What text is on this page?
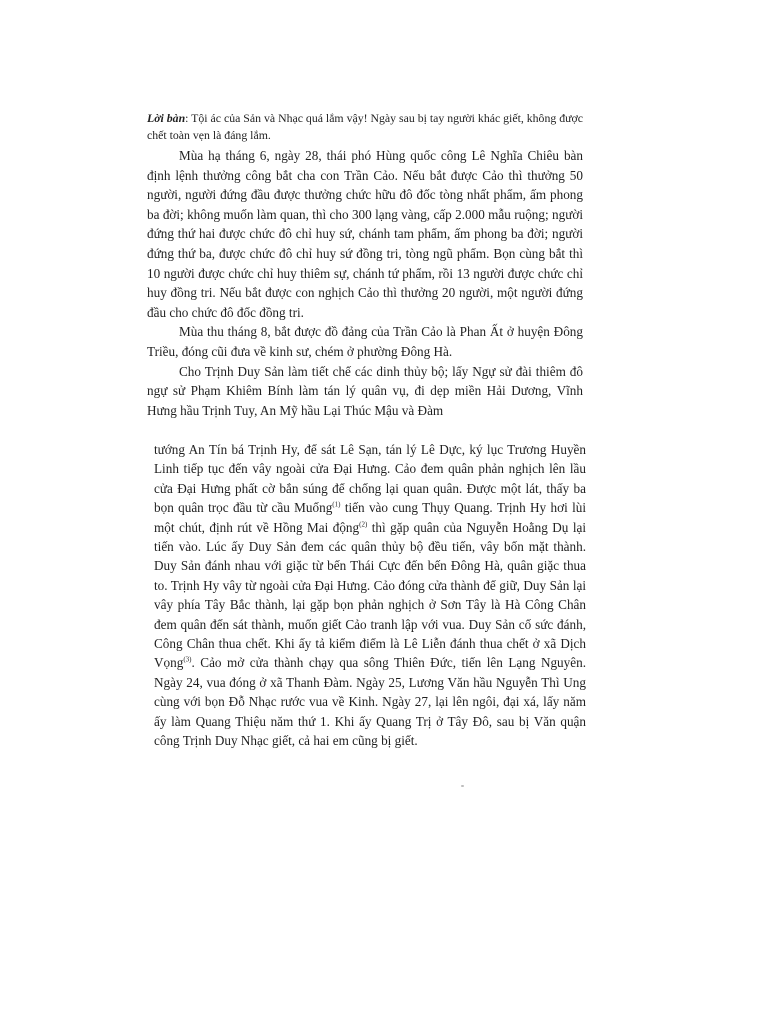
Lời bàn: Tội ác của Sản và Nhạc quá lắm vậy! Ngày sau bị tay người khác giết, không được chết toàn vẹn là đáng lắm.

Mùa hạ tháng 6, ngày 28, thái phó Hùng quốc công Lê Nghĩa Chiêu bàn định lệnh thưởng công bắt cha con Trần Cảo. Nếu bắt được Cảo thì thưởng 50 người, người đứng đầu được thưởng chức hữu đô đốc tòng nhất phẩm, ấm phong ba đời; không muốn làm quan, thì cho 300 lạng vàng, cấp 2.000 mẫu ruộng; người đứng thứ hai được chức đô chỉ huy sứ, chánh tam phẩm, ấm phong ba đời; người đứng thứ ba, được chức đô chỉ huy sứ đồng tri, tòng ngũ phẩm. Bọn cùng bắt thì 10 người được chức chỉ huy thiêm sự, chánh tứ phẩm, rồi 13 người được chức chỉ huy đồng tri. Nếu bắt được con nghịch Cảo thì thưởng 20 người, một người đứng đầu cho chức đô đốc đồng tri.

Mùa thu tháng 8, bắt được đồ đảng của Trần Cảo là Phan Ất ở huyện Đông Triều, đóng cũi đưa về kinh sư, chém ở phường Đông Hà.

Cho Trịnh Duy Sản làm tiết chế các dinh thủy bộ; lấy Ngự sử đài thiêm đô ngự sử Phạm Khiêm Bính làm tán lý quân vụ, đi dẹp miền Hải Dương, Vĩnh Hưng hầu Trịnh Tuy, An Mỹ hầu Lại Thúc Mậu và Đàm

tướng An Tín bá Trịnh Hy, để sát Lê Sạn, tán lý Lê Dực, ký lục Trương Huyền Linh tiếp tục đến vây ngoài cửa Đại Hưng. Cảo đem quân phản nghịch lên lầu cửa Đại Hưng phất cờ bắn súng để chống lại quan quân. Được một lát, thấy ba bọn quân trọc đầu từ cầu Muống$^{(1)}$ tiến vào cung Thụy Quang. Trịnh Hy hơi lùi một chút, định rút về Hồng Mai động$^{(2)}$ thì gặp quân của Nguyễn Hoằng Dụ lại tiến vào. Lúc ấy Duy Sản đem các quân thủy bộ đều tiến, vây bốn mặt thành. Duy Sản đánh nhau với giặc từ bến Thái Cực đến bến Đông Hà, quân giặc thua to. Trịnh Hy vây từ ngoài cửa Đại Hưng. Cảo đóng cửa thành để giữ, Duy Sản lại vây phía Tây Bắc thành, lại gặp bọn phản nghịch ở Sơn Tây là Hà Công Chân đem quân đến sát thành, muốn giết Cảo tranh lập với vua. Duy Sản cố sức đánh, Công Chân thua chết. Khi ấy tả kiểm điểm là Lê Liễn đánh thua chết ở xã Dịch Vọng$^{(3)}$. Cảo mở cửa thành chạy qua sông Thiên Đức, tiến lên Lạng Nguyên. Ngày 24, vua đóng ở xã Thanh Đàm. Ngày 25, Lương Văn hầu Nguyễn Thì Ung cùng với bọn Đỗ Nhạc rước vua về Kinh. Ngày 27, lại lên ngôi, đại xá, lấy năm ấy làm Quang Thiệu năm thứ 1. Khi ấy Quang Trị ở Tây Đô, sau bị Văn quận công Trịnh Duy Nhạc giết, cả hai em cũng bị giết.
